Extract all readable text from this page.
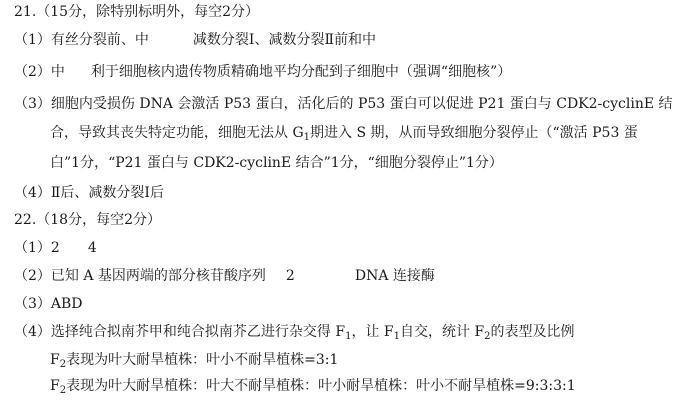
21.（15分，除特别标明外，每空2分）
（1）有丝分裂前、中	减数分裂Ⅰ、减数分裂Ⅱ前和中
（2）中 利于细胞核内遗传物质精确地平均分配到子细胞中（强调“细胞核”）
（3）细胞内受损伤 DNA 会激活 P53 蛋白，活化后的 P53 蛋白可以促进 P21 蛋白与 CDK2-cyclinE 结
合，导致其丧失特定功能，细胞无法从 $G_1$期进入 S 期，从而导致细胞分裂停止（“激活 P53 蛋
白”1分，“P21 蛋白与 CDK2-cyclinE 结合”1分，“细胞分裂停止”1分）
（4）Ⅱ后、减数分裂Ⅰ后
22.（18分，每空2分）
（1）2 4
（2）已知 A 基因两端的部分核苷酸序列 2	DNA 连接酶
（3）ABD
（4）选择纯合拟南芥甲和纯合拟南芥乙进行杂交得 $F_1$，让 $F_1$自交，统计 $F_2$的表型及比例
$F_2$表现为叶大耐旱植株：叶小不耐旱植株=3:1
$F_2$表现为叶大耐旱植株：叶大不耐旱植株：叶小耐旱植株：叶小不耐旱植株=9:3:3:1
